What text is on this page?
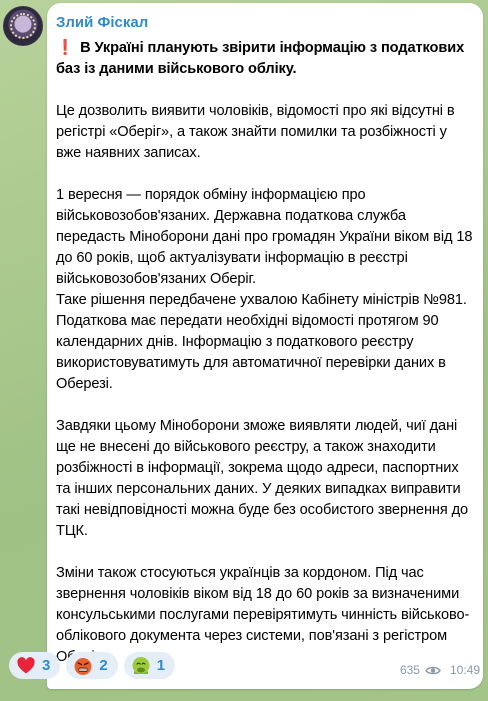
Злий Фіскал

❗ В Україні планують звірити інформацію з податкових баз із даними військового обліку.

Це дозволить виявити чоловіків, відомості про які відсутні в регістрі «Оберіг», а також знайти помилки та розбіжності у вже наявних записах.

1 вересня — порядок обміну інформацією про військовозобов'язаних. Державна податкова служба передасть Міноборони дані про громадян України віком від 18 до 60 років, щоб актуалізувати інформацію в реєстрі військовозобов'язаних Оберіг.

Таке рішення передбачене ухвалою Кабінету міністрів №981. Податкова має передати необхідні відомості протягом 90 календарних днів. Інформацію з податкового реєстру використовуватимуть для автоматичної перевірки даних в Оберезі.

Завдяки цьому Міноборони зможе виявляти людей, чиї дані ще не внесені до військового реєстру, а також знаходити розбіжності в інформації, зокрема щодо адреси, паспортних та інших персональних даних. У деяких випадках виправити такі невідповідності можна буде без особистого звернення до ТЦК.

Зміни також стосуються українців за кордоном. Під час звернення чоловіків віком від 18 до 60 років за визначеними консульськими послугами перевірятимуть чинність військово-облікового документа через системи, пов'язані з регістром

3	2	1	635	10:49
